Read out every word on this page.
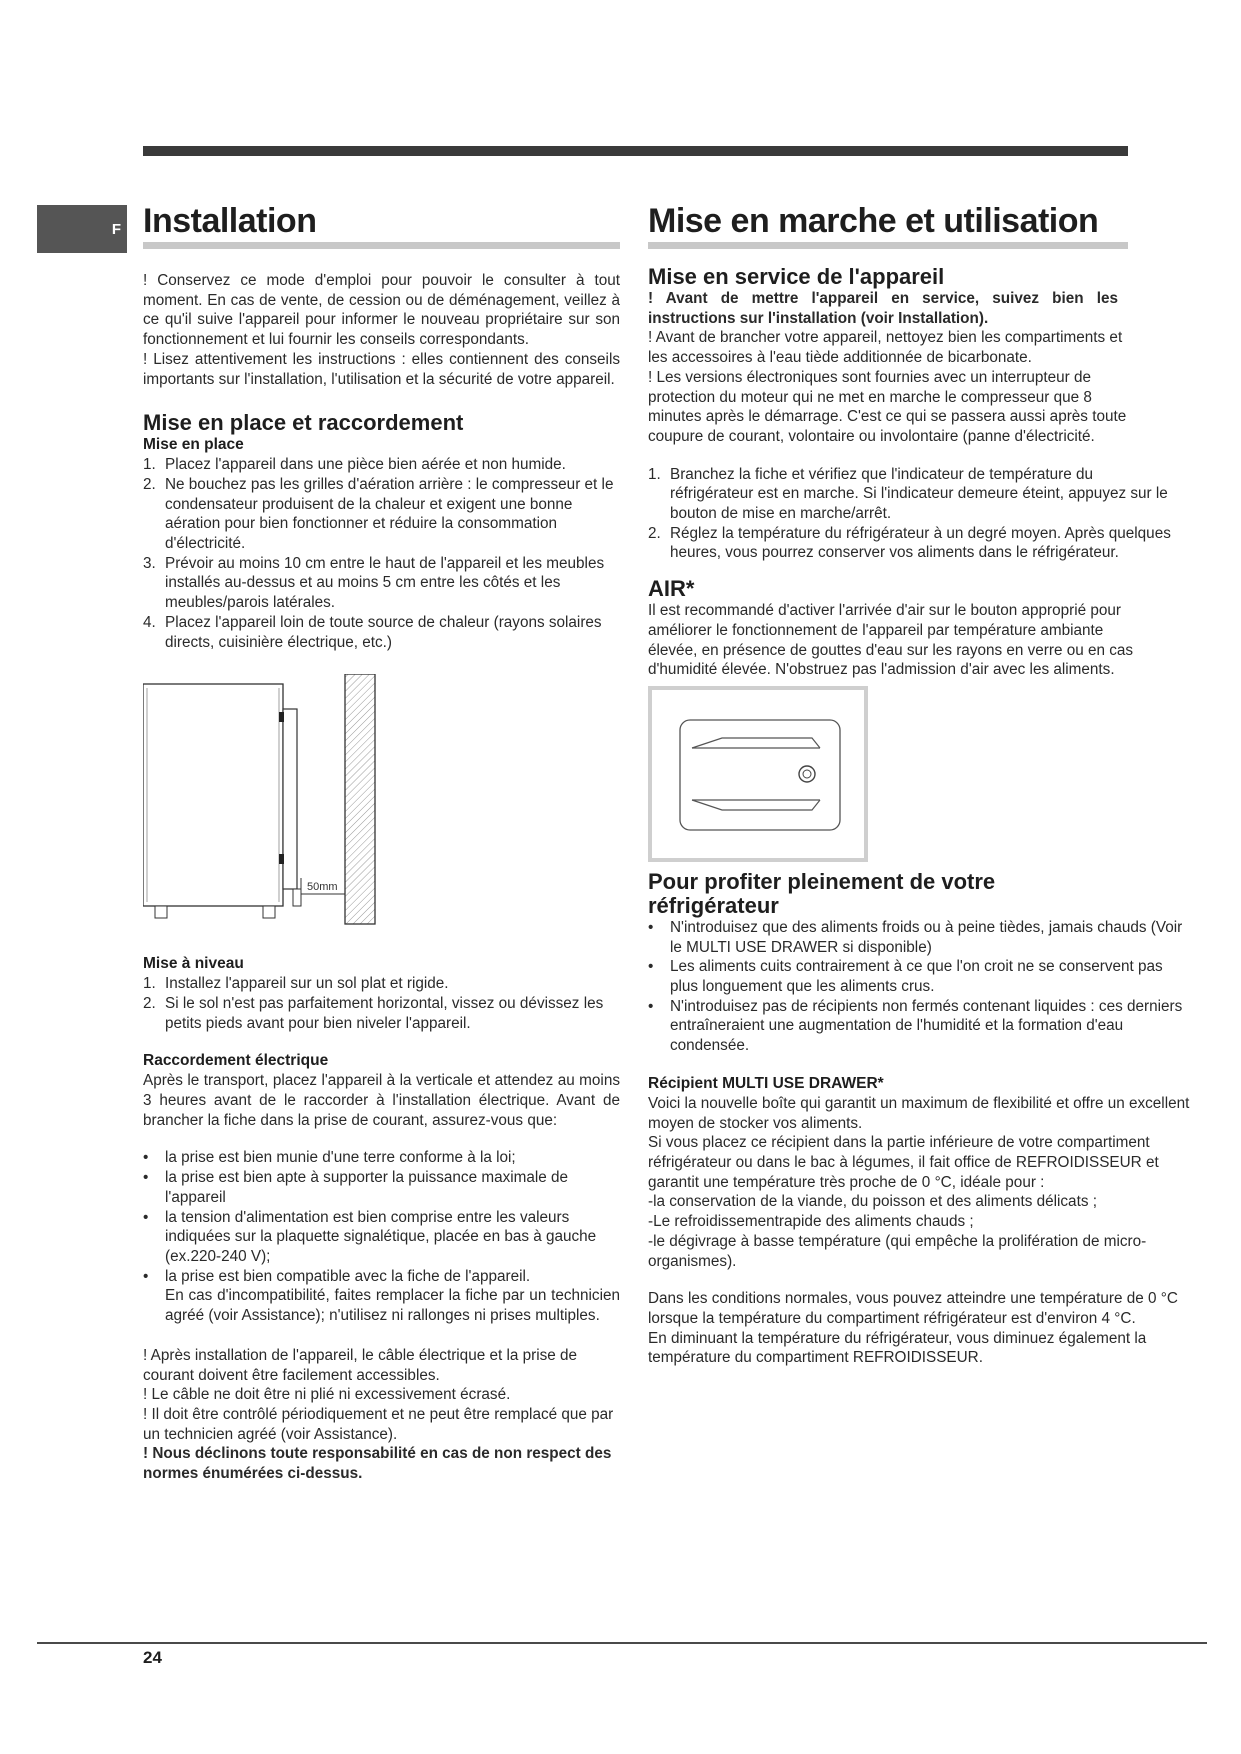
F Installation

! Conservez ce mode d'emploi pour pouvoir le consulter à tout moment. En cas de vente, de cession ou de déménagement, veillez à ce qu'il suive l'appareil pour informer le nouveau propriétaire sur son fonctionnement et lui fournir les conseils correspondants.

! Lisez attentivement les instructions : elles contiennent des conseils importants sur l'installation, l'utilisation et la sécurité de votre appareil.

Mise en place et raccordement
Mise en place
1. Placez l'appareil dans une pièce bien aérée et non humide.
2. Ne bouchez pas les grilles d'aération arrière : le compresseur et le condensateur produisent de la chaleur et exigent une bonne aération pour bien fonctionner et réduire la consommation d'électricité.
3. Prévoir au moins 10 cm entre le haut de l'appareil et les meubles installés au-dessus et au moins 5 cm entre les côtés et les meubles/parois latérales.
4. Placez l'appareil loin de toute source de chaleur (rayons solaires directs, cuisinière électrique, etc.)
50mm
Mise à niveau
1. Installez l'appareil sur un sol plat et rigide.
2. Si le sol n'est pas parfaitement horizontal, vissez ou dévissez les petits pieds avant pour bien niveler l'appareil.
Raccordement électrique

Après le transport, placez l'appareil à la verticale et attendez au moins 3 heures avant de le raccorder à l'installation électrique. Avant de brancher la fiche dans la prise de courant, assurez-vous que:

• la prise est bien munie d'une terre conforme à la loi;
• la prise est bien apte à supporter la puissance maximale de l'appareil
• la tension d'alimentation est bien comprise entre les valeurs indiquées sur la plaquette signalétique, placée en bas à gauche (ex.220-240 V);
• la prise est bien compatible avec la fiche de l'appareil.

En cas d'incompatibilité, faites remplacer la fiche par un technicien agréé (voir Assistance); n'utilisez ni rallonges ni prises multiples.

! Après installation de l'appareil, le câble électrique et la prise de courant doivent être facilement accessibles.

! Le câble ne doit être ni plié ni excessivement écrasé.

! Il doit être contrôlé périodiquement et ne peut être remplacé que par un technicien agréé (voir Assistance).

! Nous déclinons toute responsabilité en cas de non respect des normes énumérées ci-dessus.

Mise en marche et utilisation
Mise en service de l'appareil

! Avant de mettre l'appareil en service, suivez bien les instructions sur l'installation (voir Installation).

! Avant de brancher votre appareil, nettoyez bien les compartiments et les accessoires à l'eau tiède additionnée de bicarbonate.

! Les versions électroniques sont fournies avec un interrupteur de protection du moteur qui ne met en marche le compresseur que 8 minutes après le démarrage. C'est ce qui se passera aussi après toute coupure de courant, volontaire ou involontaire (panne d'électricité.

1. Branchez la fiche et vérifiez que l'indicateur de température du réfrigérateur est en marche. Si l'indicateur demeure éteint, appuyez sur le bouton de mise en marche/arrêt.
2. Réglez la température du réfrigérateur à un degré moyen. Après quelques heures, vous pourrez conserver vos aliments dans le réfrigérateur.
AIR*

Il est recommandé d'activer l'arrivée d'air sur le bouton approprié pour améliorer le fonctionnement de l'appareil par température ambiante élevée, en présence de gouttes d'eau sur les rayons en verre ou en cas d'humidité élevée. N'obstruez pas l'admission d'air avec les aliments.

Pour profiter pleinement de votre réfrigérateur
• N'introduisez que des aliments froids ou à peine tièdes, jamais chauds (Voir le MULTI USE DRAWER si disponible)
• Les aliments cuits contrairement à ce que l'on croit ne se conservent pas plus longuement que les aliments crus.
• N'introduisez pas de récipients non fermés contenant liquides : ces derniers entraîneraient une augmentation de l'humidité et la formation d'eau condensée.
Récipient MULTI USE DRAWER*

Voici la nouvelle boîte qui garantit un maximum de flexibilité et offre un excellent moyen de stocker vos aliments.

Si vous placez ce récipient dans la partie inférieure de votre compartiment réfrigérateur ou dans le bac à légumes, il fait office de REFROIDISSEUR et garantit une température très proche de 0 °C, idéale pour :

-la conservation de la viande, du poisson et des aliments délicats ;

-Le refroidissementrapide des aliments chauds ;

-le dégivrage à basse température (qui empêche la prolifération de micro-organismes).

Dans les conditions normales, vous pouvez atteindre une température de 0 °C lorsque la température du compartiment réfrigérateur est d'environ 4 °C.

En diminuant la température du réfrigérateur, vous diminuez également la température du compartiment REFROIDISSEUR.

24
